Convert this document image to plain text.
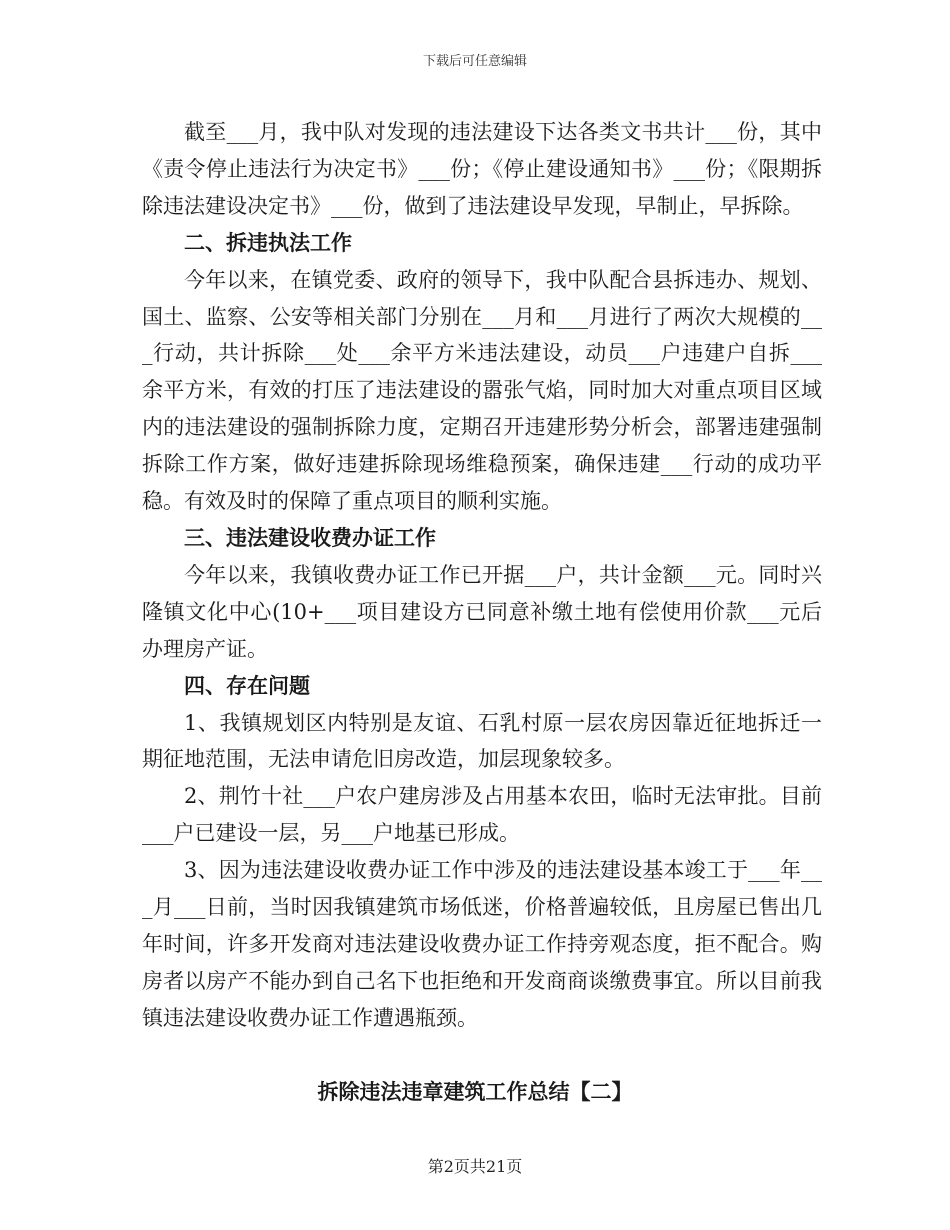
下载后可任意编辑

截至___月，我中队对发现的违法建设下达各类文书共计___份，其中《责令停止违法行为决定书》___份；《停止建设通知书》___份；《限期拆除违法建设决定书》___份，做到了违法建设早发现，早制止，早拆除。

二、拆违执法工作

今年以来，在镇党委、政府的领导下，我中队配合县拆违办、规划、国土、监察、公安等相关部门分别在___月和___月进行了两次大规模的___行动，共计拆除___处___余平方米违法建设，动员___户违建户自拆___余平方米，有效的打压了违法建设的嚣张气焰，同时加大对重点项目区域内的违法建设的强制拆除力度，定期召开违建形势分析会，部署违建强制拆除工作方案，做好违建拆除现场维稳预案，确保违建___行动的成功平稳。有效及时的保障了重点项目的顺利实施。

三、违法建设收费办证工作

今年以来，我镇收费办证工作已开据___户，共计金额___元。同时兴隆镇文化中心(10+___项目建设方已同意补缴土地有偿使用价款___元后办理房产证。

四、存在问题

1、我镇规划区内特别是友谊、石乳村原一层农房因靠近征地拆迁一期征地范围，无法申请危旧房改造，加层现象较多。

2、荆竹十社___户农户建房涉及占用基本农田，临时无法审批。目前___户已建设一层，另___户地基已形成。

3、因为违法建设收费办证工作中涉及的违法建设基本竣工于___年___月___日前，当时因我镇建筑市场低迷，价格普遍较低，且房屋已售出几年时间，许多开发商对违法建设收费办证工作持旁观态度，拒不配合。购房者以房产不能办到自己名下也拒绝和开发商商谈缴费事宜。所以目前我镇违法建设收费办证工作遭遇瓶颈。

拆除违法违章建筑工作总结【二】
第2页共21页
